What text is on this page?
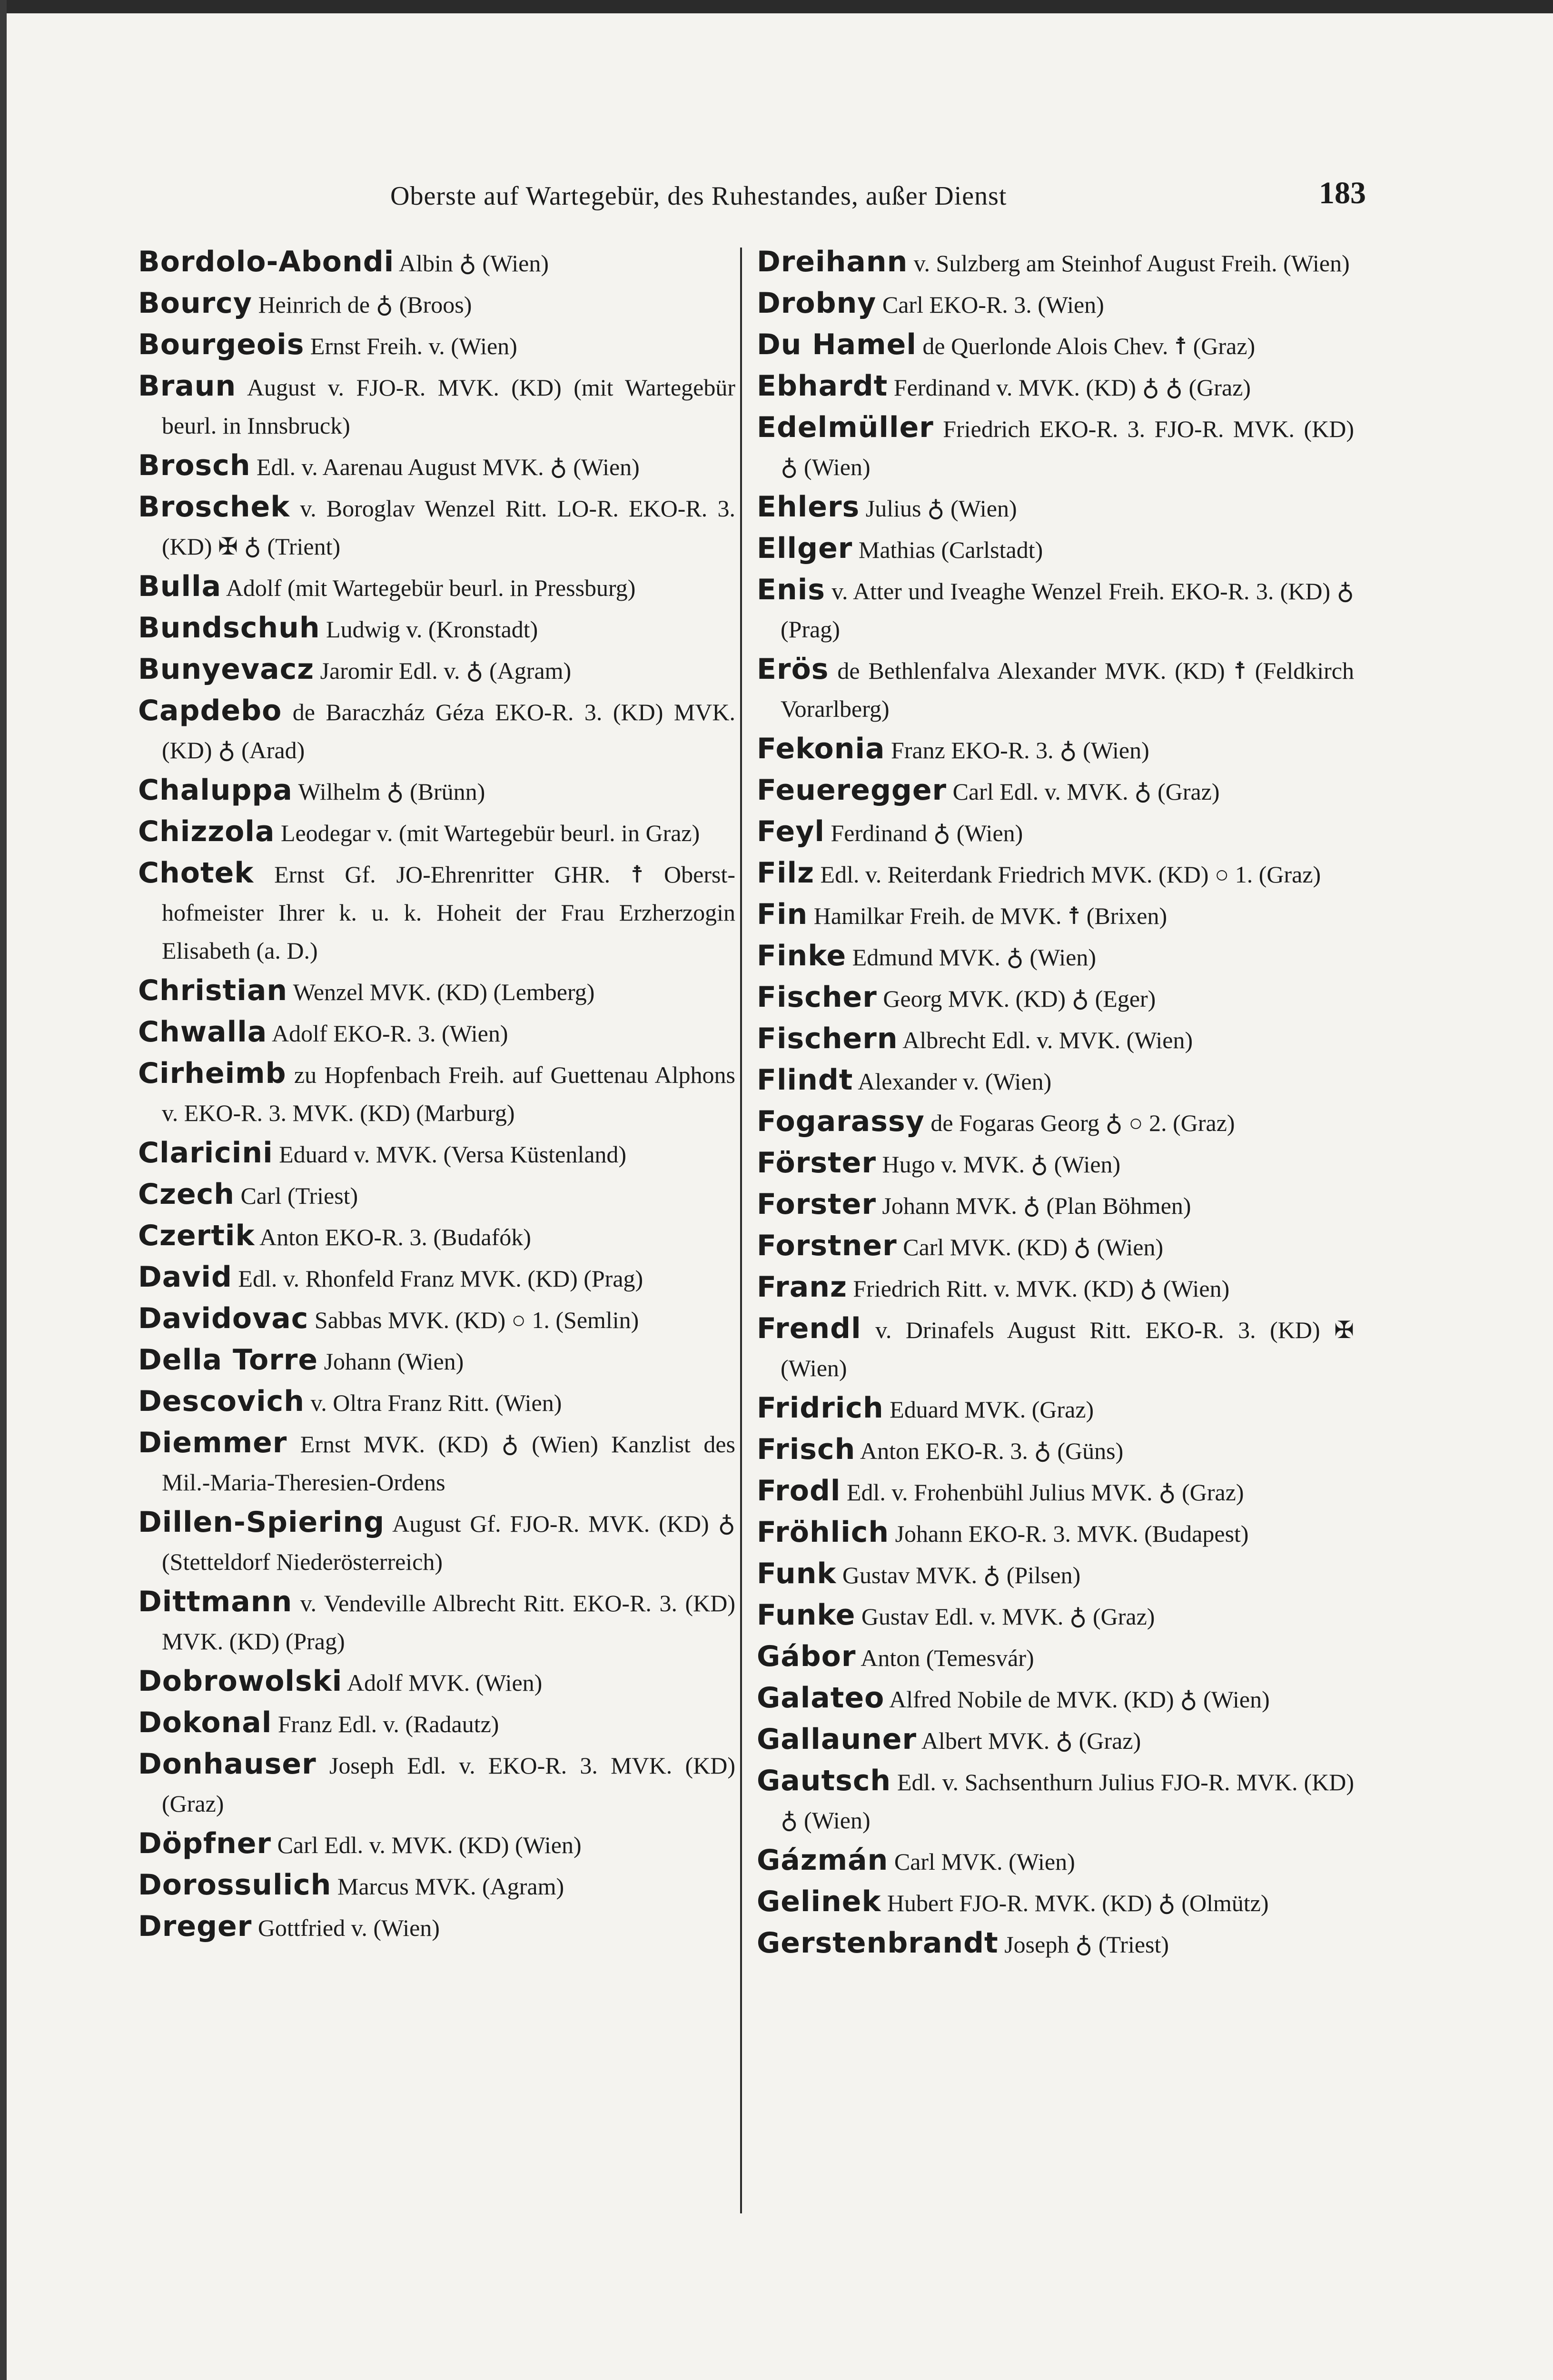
Oberste auf Wartegebür, des Ruhestandes, außer Dienst	183
Bordolo-Abondi Albin ♁ (Wien)
Bourcy Heinrich de ♁ (Broos)
Bourgeois Ernst Freih. v. (Wien)
Braun August v. FJO-R. MVK. (KD) (mit Wartegebür beurl. in Innsbruck)
Brosch Edl. v. Aarenau August MVK. ♁ (Wien)
Broschek v. Boroglav Wenzel Ritt. LO-R. EKO-R. 3. (KD) ✠ ♁ (Trient)
Bulla Adolf (mit Wartegebür beurl. in Pressburg)
Bundschuh Ludwig v. (Kronstadt)
Bunyevacz Jaromir Edl. v. ♁ (Agram)
Capdebo de Baraczház Géza EKO-R. 3. (KD) MVK. (KD) ♁ (Arad)
Chaluppa Wilhelm ♁ (Brünn)
Chizzola Leodegar v. (mit Wartegebür beurl. in Graz)
Chotek Ernst Gf. JO-Ehrenritter GHR. ☨ Obersthofmeister Ihrer k. u. k. Hoheit der Frau Erzherzogin Elisabeth (a. D.)
Christian Wenzel MVK. (KD) (Lemberg)
Chwalla Adolf EKO-R. 3. (Wien)
Cirheimb zu Hopfenbach Freih. auf Guettenau Alphons v. EKO-R. 3. MVK. (KD) (Marburg)
Claricini Eduard v. MVK. (Versa Küstenland)
Czech Carl (Triest)
Czertik Anton EKO-R. 3. (Budafók)
David Edl. v. Rhonfeld Franz MVK. (KD) (Prag)
Davidovac Sabbas MVK. (KD) ○ 1. (Semlin)
Della Torre Johann (Wien)
Descovich v. Oltra Franz Ritt. (Wien)
Diemmer Ernst MVK. (KD) ♁ (Wien) Kanzlist des Mil.-Maria-Theresien-Ordens
Dillen-Spiering August Gf. FJO-R. MVK. (KD) ♁ (Stetteldorf Niederösterreich)
Dittmann v. Vendeville Albrecht Ritt. EKO-R. 3. (KD) MVK. (KD) (Prag)
Dobrowolski Adolf MVK. (Wien)
Dokonal Franz Edl. v. (Radautz)
Donhauser Joseph Edl. v. EKO-R. 3. MVK. (KD) (Graz)
Döpfner Carl Edl. v. MVK. (KD) (Wien)
Dorossulich Marcus MVK. (Agram)
Dreger Gottfried v. (Wien)
Dreihann v. Sulzberg am Steinhof August Freih. (Wien)
Drobny Carl EKO-R. 3. (Wien)
Du Hamel de Querlonde Alois Chev. ☨ (Graz)
Ebhardt Ferdinand v. MVK. (KD) ♁ ♁ (Graz)
Edelmüller Friedrich EKO-R. 3. FJO-R. MVK. (KD) ♁ (Wien)
Ehlers Julius ♁ (Wien)
Ellger Mathias (Carlstadt)
Enis v. Atter und Iveaghe Wenzel Freih. EKO-R. 3. (KD) ♁ (Prag)
Erös de Bethlenfalva Alexander MVK. (KD) ☨ (Feldkirch Vorarlberg)
Fekonia Franz EKO-R. 3. ♁ (Wien)
Feueregger Carl Edl. v. MVK. ♁ (Graz)
Feyl Ferdinand ♁ (Wien)
Filz Edl. v. Reiterdank Friedrich MVK. (KD) ○ 1. (Graz)
Fin Hamilkar Freih. de MVK. ☨ (Brixen)
Finke Edmund MVK. ♁ (Wien)
Fischer Georg MVK. (KD) ♁ (Eger)
Fischern Albrecht Edl. v. MVK. (Wien)
Flindt Alexander v. (Wien)
Fogarassy de Fogaras Georg ♁ ○ 2. (Graz)
Förster Hugo v. MVK. ♁ (Wien)
Forster Johann MVK. ♁ (Plan Böhmen)
Forstner Carl MVK. (KD) ♁ (Wien)
Franz Friedrich Ritt. v. MVK. (KD) ♁ (Wien)
Frendl v. Drinafels August Ritt. EKO-R. 3. (KD) ✠ (Wien)
Fridrich Eduard MVK. (Graz)
Frisch Anton EKO-R. 3. ♁ (Güns)
Frodl Edl. v. Frohenbühl Julius MVK. ♁ (Graz)
Fröhlich Johann EKO-R. 3. MVK. (Budapest)
Funk Gustav MVK. ♁ (Pilsen)
Funke Gustav Edl. v. MVK. ♁ (Graz)
Gábor Anton (Temesvár)
Galateo Alfred Nobile de MVK. (KD) ♁ (Wien)
Gallauner Albert MVK. ♁ (Graz)
Gautsch Edl. v. Sachsenthurn Julius FJO-R. MVK. (KD) ♁ (Wien)
Gázmán Carl MVK. (Wien)
Gelinek Hubert FJO-R. MVK. (KD) ♁ (Olmütz)
Gerstenbrandt Joseph ♁ (Triest)
